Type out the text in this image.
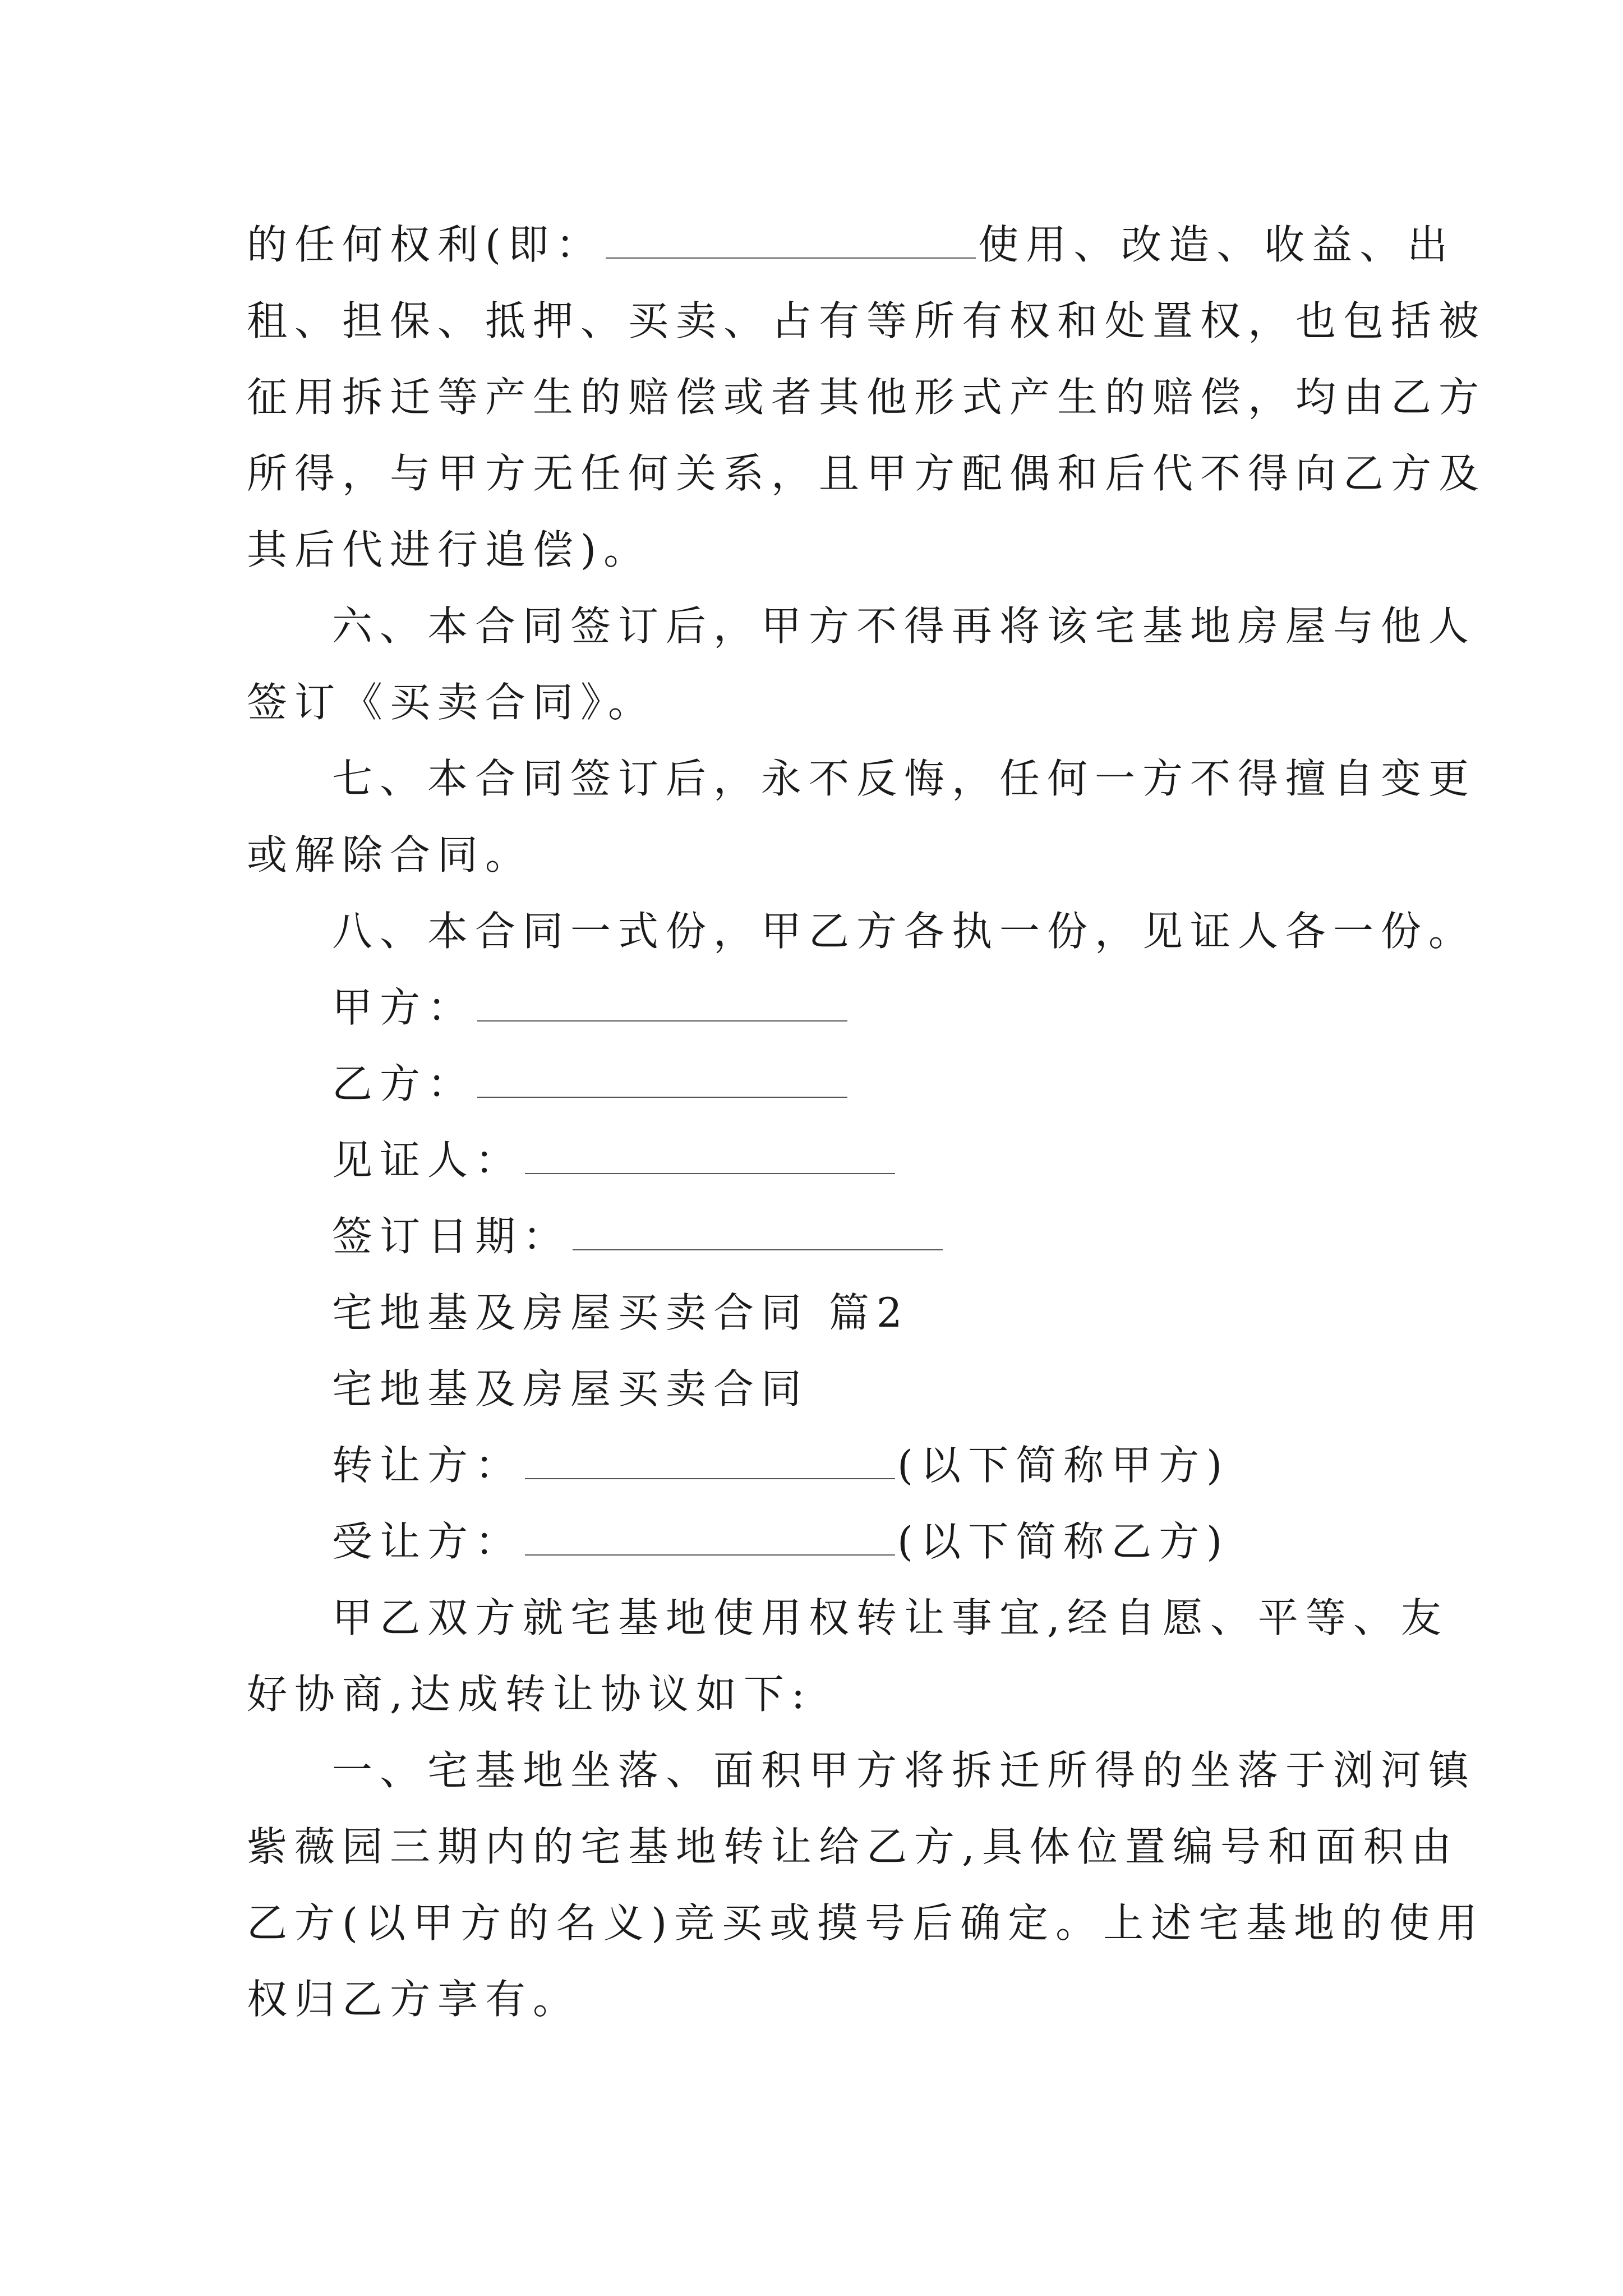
的任何权利(即：	使用、改造、收益、出
租、担保、抵押、买卖、占有等所有权和处置权，也包括被
征用拆迁等产生的赔偿或者其他形式产生的赔偿，均由乙方
所得，与甲方无任何关系，且甲方配偶和后代不得向乙方及
其后代进行追偿)。
六、本合同签订后，甲方不得再将该宅基地房屋与他人
签订《买卖合同》。
七、本合同签订后，永不反悔，任何一方不得擅自变更
或解除合同。
八、本合同一式份，甲乙方各执一份，见证人各一份。
甲方：
乙方：
见证人：
签订日期：
宅地基及房屋买卖合同 篇2
宅地基及房屋买卖合同
转让方：	(以下简称甲方)
受让方：	(以下简称乙方)
甲乙双方就宅基地使用权转让事宜,经自愿、平等、友
好协商,达成转让协议如下:
一、宅基地坐落、面积甲方将拆迁所得的坐落于浏河镇
紫薇园三期内的宅基地转让给乙方,具体位置编号和面积由
乙方(以甲方的名义)竞买或摸号后确定。上述宅基地的使用
权归乙方享有。
